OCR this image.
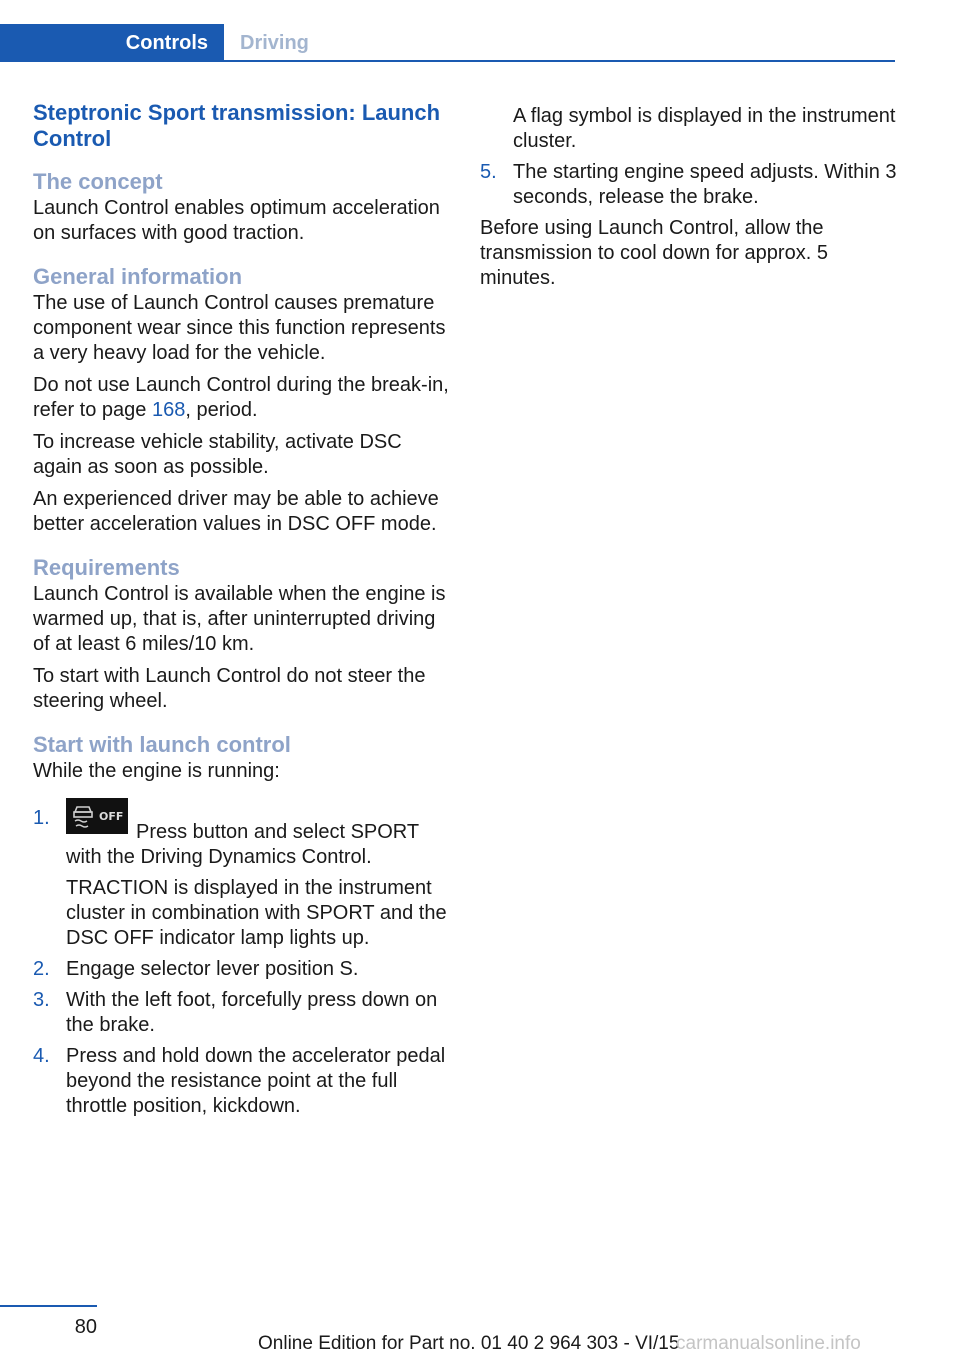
Controls	Driving
Steptronic Sport transmission: Launch Control
The concept

Launch Control enables optimum acceleration on surfaces with good traction.

General information

The use of Launch Control causes premature component wear since this function represents a very heavy load for the vehicle.

Do not use Launch Control during the break-in, refer to page 168, period.

To increase vehicle stability, activate DSC again as soon as possible.

An experienced driver may be able to achieve better acceleration values in DSC OFF mode.

Requirements

Launch Control is available when the engine is warmed up, that is, after uninterrupted driving of at least 6 miles/10 km.

To start with Launch Control do not steer the steering wheel.

Start with launch control

While the engine is running:

1.	OFF
Press button and select SPORT with the Driving Dynamics Control.

TRACTION is displayed in the instrument cluster in combination with SPORT and the DSC OFF indicator lamp lights up.

2. Engage selector lever position S.
3. With the left foot, forcefully press down on the brake.
4. Press and hold down the accelerator pedal beyond the resistance point at the full throttle position, kickdown.

A flag symbol is displayed in the instrument cluster.

5. The starting engine speed adjusts. Within 3 seconds, release the brake.

Before using Launch Control, allow the transmission to cool down for approx. 5 minutes.

80
Online Edition for Part no. 01 40 2 964 303 - VI/15
carmanualsonline.info
